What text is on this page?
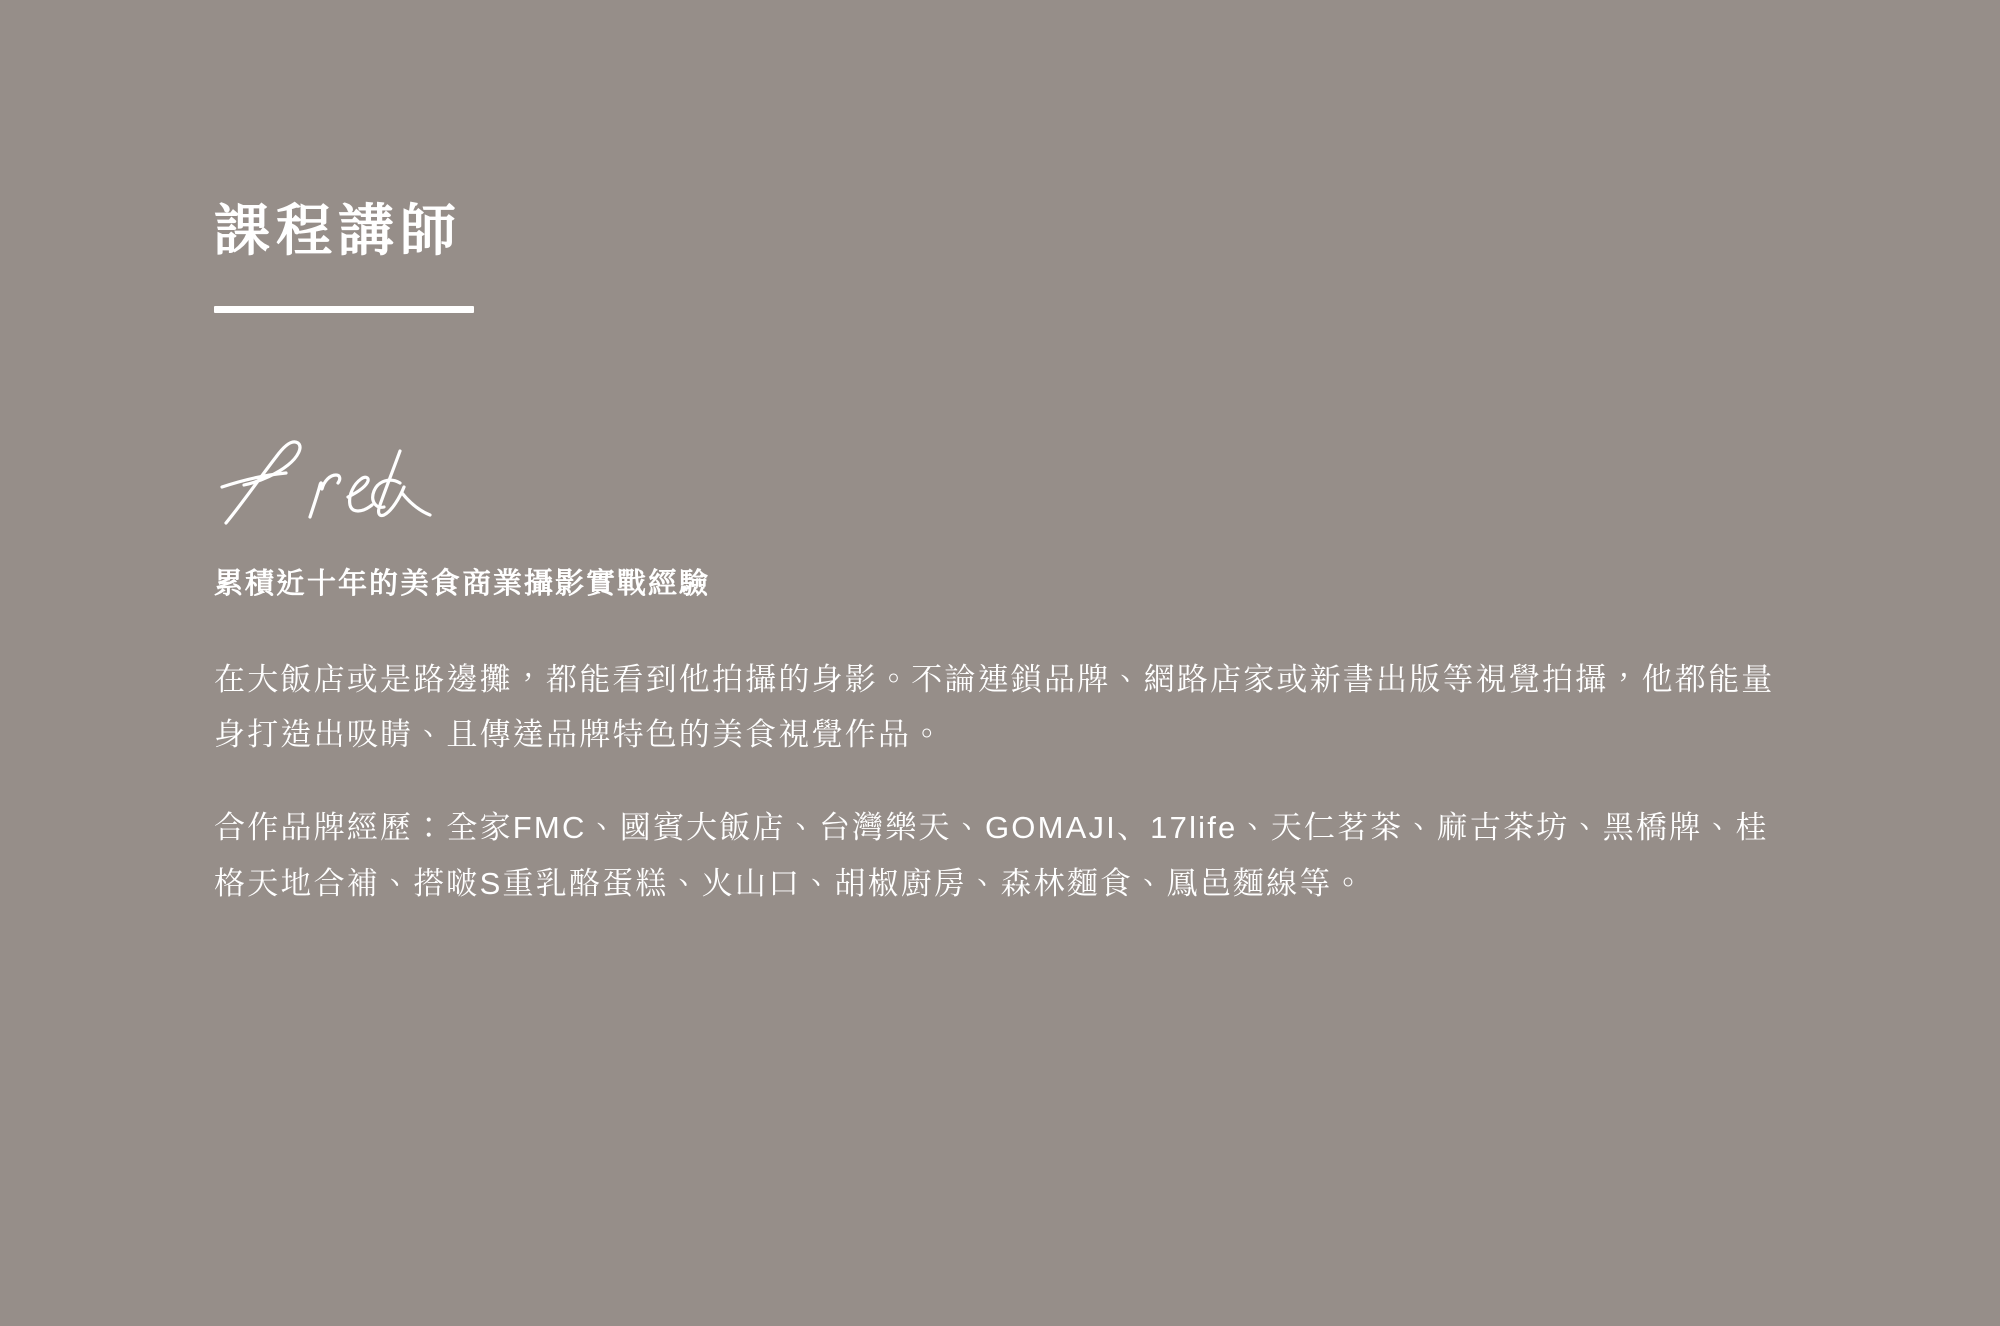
課程講師

累積近十年的美食商業攝影實戰經驗

在大飯店或是路邊攤，都能看到他拍攝的身影。不論連鎖品牌、網路店家或新書出版等視覺拍攝，他都能量身打造出吸睛、且傳達品牌特色的美食視覺作品。

合作品牌經歷：全家FMC、國賓大飯店、台灣樂天、GOMAJI、17life、天仁茗茶、麻古茶坊、黑橋牌、桂格天地合補、搭啵S重乳酪蛋糕、火山口、胡椒廚房、森林麵食、鳳邑麵線等。
